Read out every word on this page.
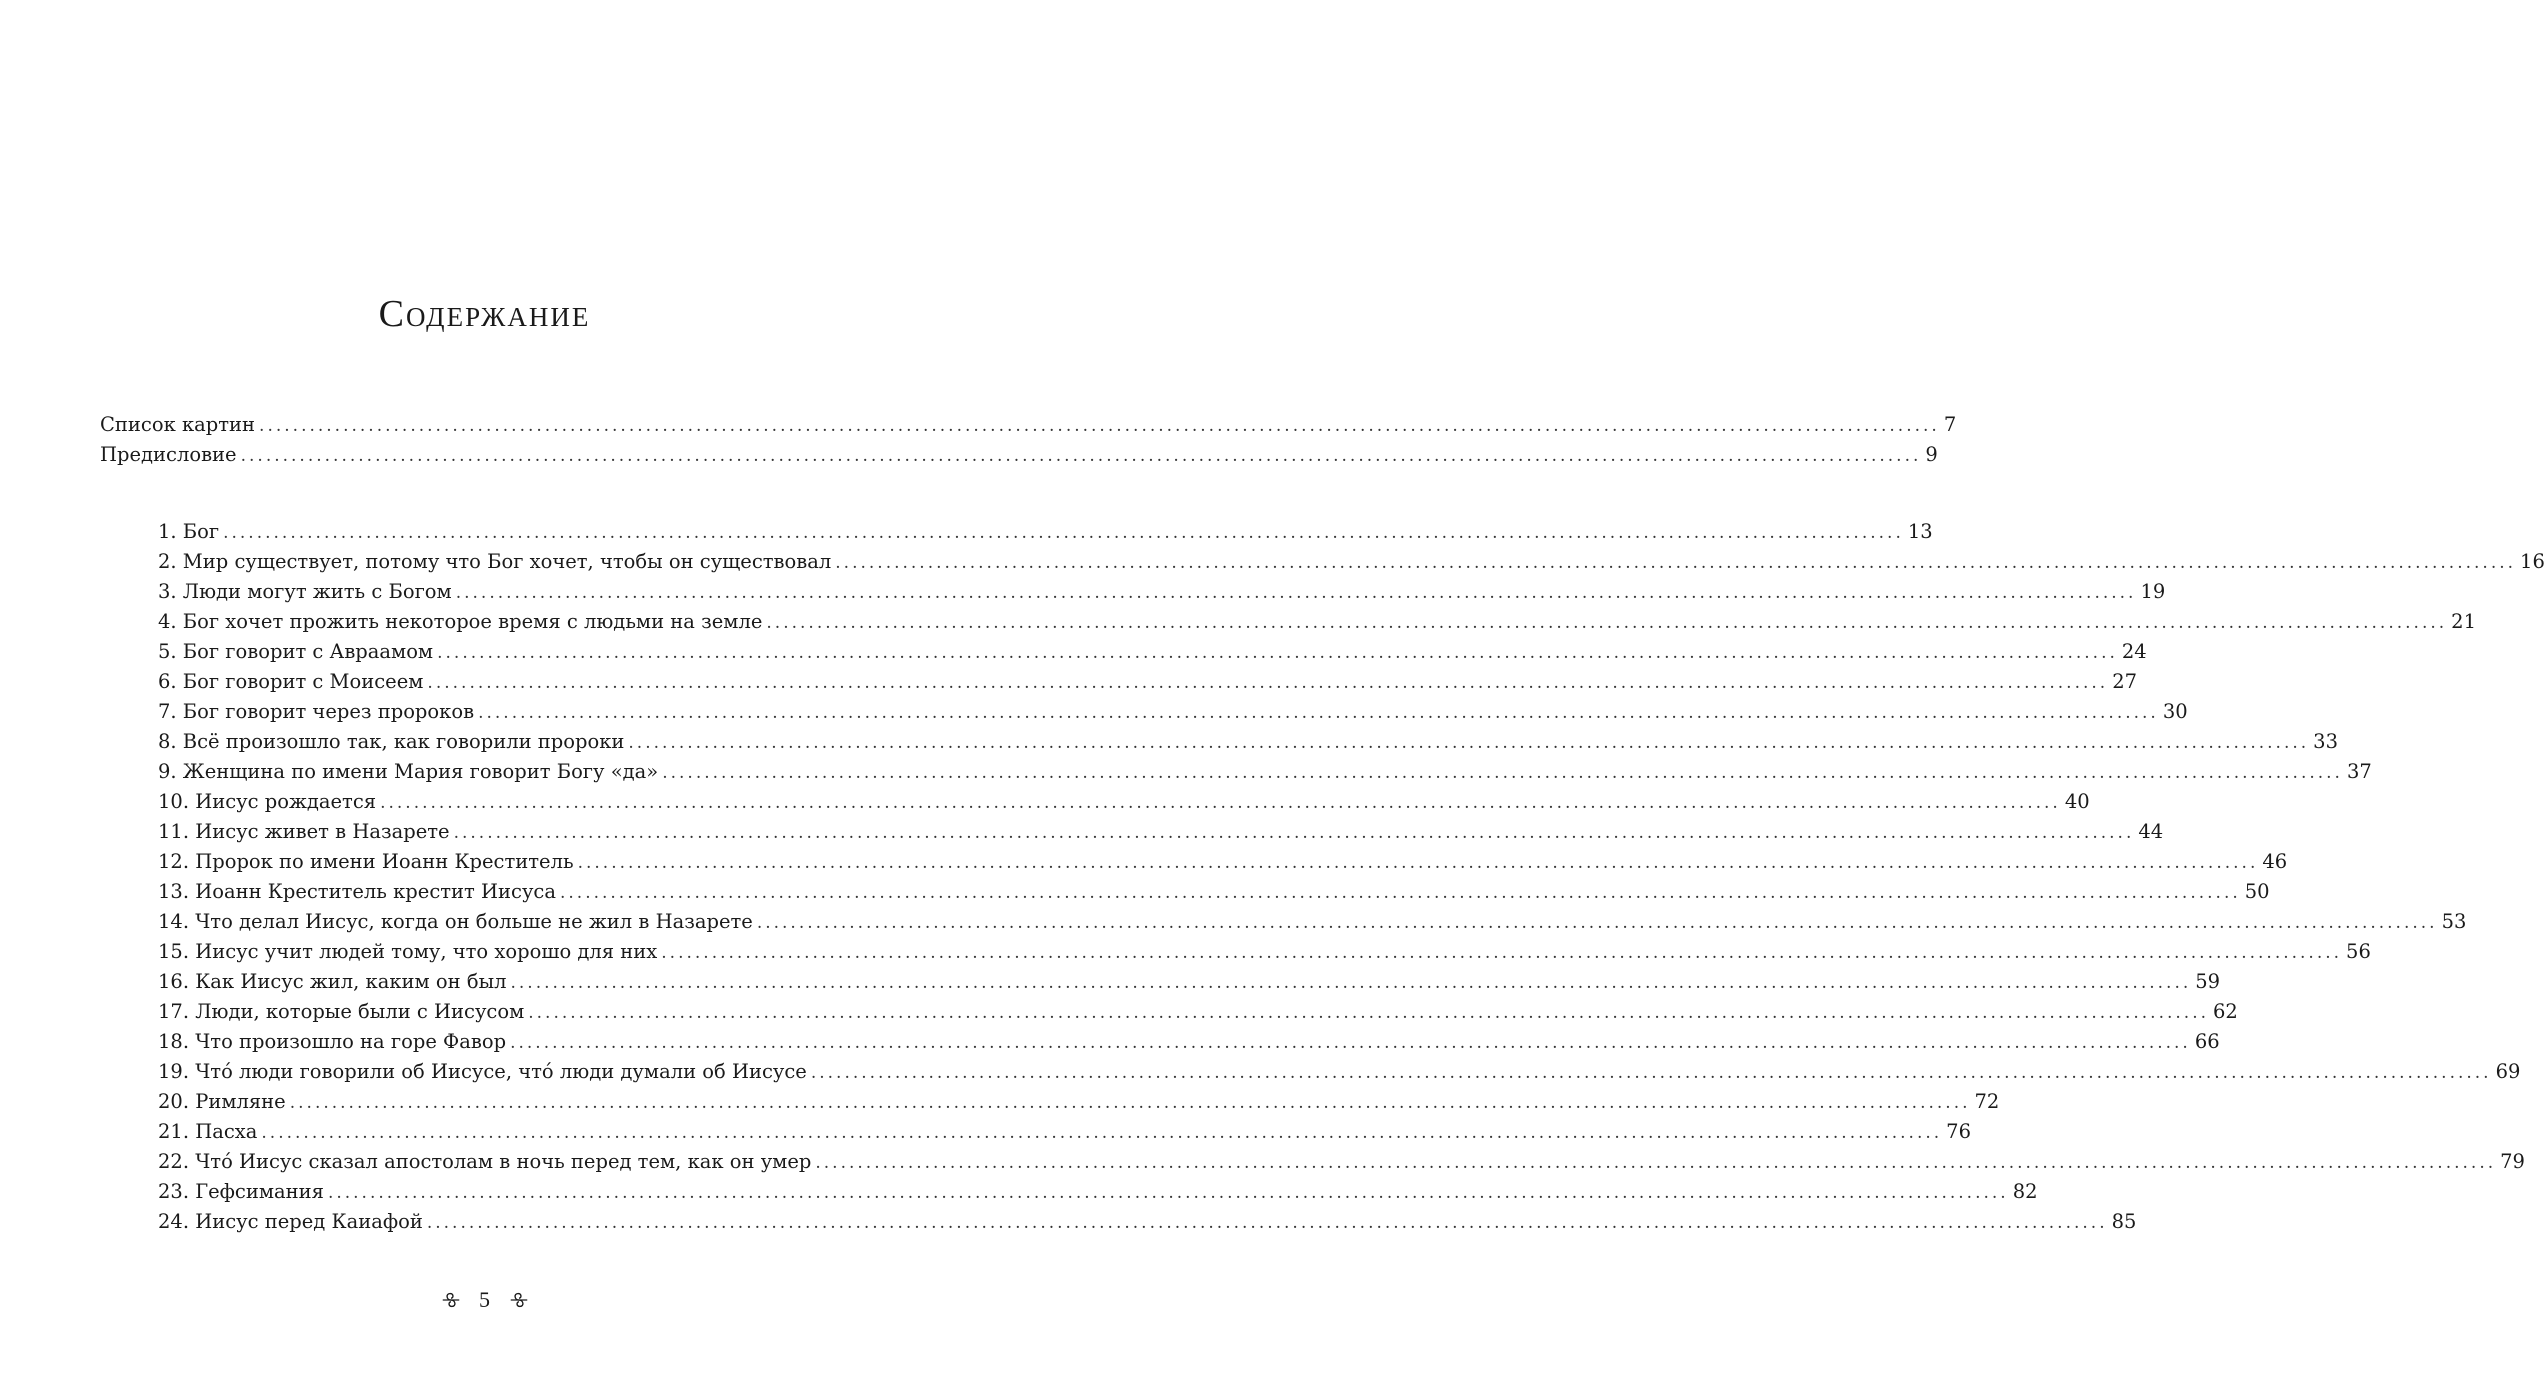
Содержание
Список картин ........................................................................................................................................................................................................ 7
Предисловие ........................................................................................................................................................................................................ 9
1. Бог ........................................................................................................................................................................................................ 13
2. Мир существует, потому что Бог хочет, чтобы он существовал ........................................................................................................................................................................................................ 16
3. Люди могут жить с Богом ........................................................................................................................................................................................................ 19
4. Бог хочет прожить некоторое время с людьми на земле ........................................................................................................................................................................................................ 21
5. Бог говорит с Авраамом ........................................................................................................................................................................................................ 24
6. Бог говорит с Моисеем ........................................................................................................................................................................................................ 27
7. Бог говорит через пророков ........................................................................................................................................................................................................ 30
8. Всё произошло так, как говорили пророки ........................................................................................................................................................................................................ 33
9. Женщина по имени Мария говорит Богу «да» ........................................................................................................................................................................................................ 37
10. Иисус рождается ........................................................................................................................................................................................................ 40
11. Иисус живет в Назарете ........................................................................................................................................................................................................ 44
12. Пророк по имени Иоанн Креститель ........................................................................................................................................................................................................ 46
13. Иоанн Креститель крестит Иисуса ........................................................................................................................................................................................................ 50
14. Что делал Иисус, когда он больше не жил в Назарете ........................................................................................................................................................................................................ 53
15. Иисус учит людей тому, что хорошо для них ........................................................................................................................................................................................................ 56
16. Как Иисус жил, каким он был ........................................................................................................................................................................................................ 59
17. Люди, которые были с Иисусом ........................................................................................................................................................................................................ 62
18. Что произошло на горе Фавор ........................................................................................................................................................................................................ 66
19. Чтó люди говорили об Иисусе, чтó люди думали об Иисусе ........................................................................................................................................................................................................ 69
20. Римляне ........................................................................................................................................................................................................ 72
21. Пасха ........................................................................................................................................................................................................ 76
22. Чтó Иисус сказал апостолам в ночь перед тем, как он умер ........................................................................................................................................................................................................ 79
23. Гефсимания ........................................................................................................................................................................................................ 82
24. Иисус перед Каиафой ........................................................................................................................................................................................................ 85
5
